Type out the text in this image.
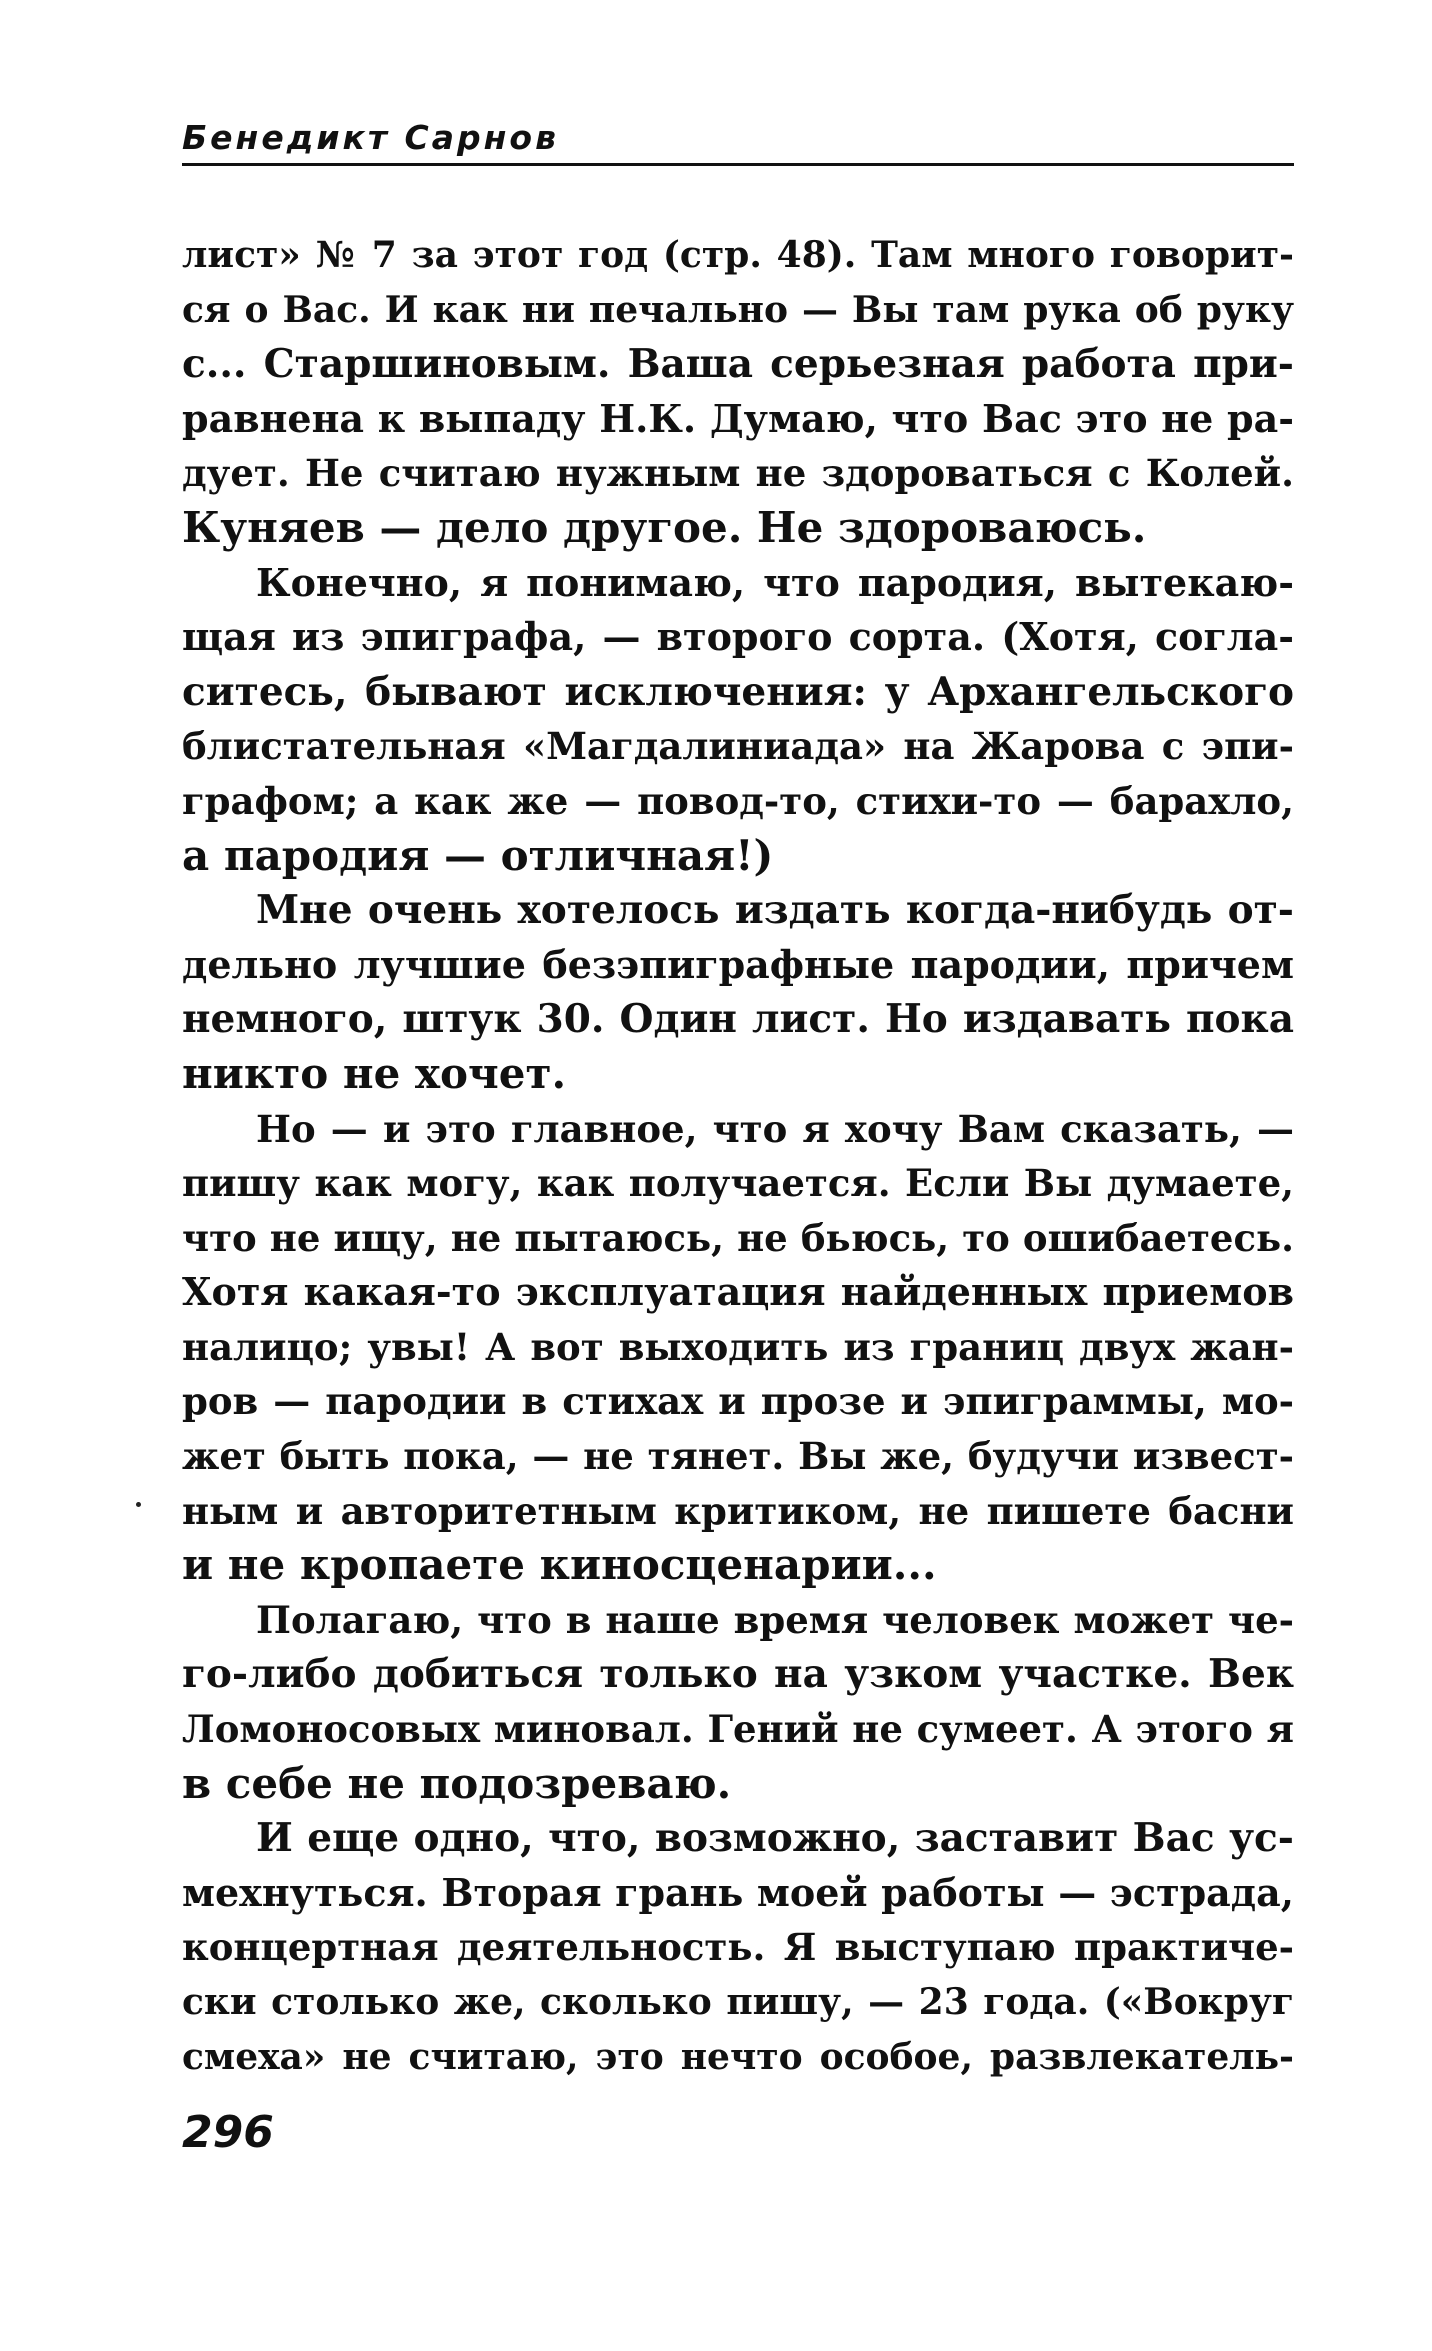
Бенедикт Сарнов
лист» № 7 за этот год (стр. 48). Там много говорит-
ся о Вас. И как ни печально — Вы там рука об руку
с... Старшиновым. Ваша серьезная работа при-
равнена к выпаду Н.К. Думаю, что Вас это не ра-
дует. Не считаю нужным не здороваться с Колей.
Куняев — дело другое. Не здороваюсь.
Конечно, я понимаю, что пародия, вытекаю-
щая из эпиграфа, — второго сорта. (Хотя, согла-
ситесь, бывают исключения: у Архангельского
блистательная «Магдалиниада» на Жарова с эпи-
графом; а как же — повод-то, стихи-то — барахло,
а пародия — отличная!)
Мне очень хотелось издать когда-нибудь от-
дельно лучшие безэпиграфные пародии, причем
немного, штук 30. Один лист. Но издавать пока
никто не хочет.
Но — и это главное, что я хочу Вам сказать, —
пишу как могу, как получается. Если Вы думаете,
что не ищу, не пытаюсь, не бьюсь, то ошибаетесь.
Хотя какая-то эксплуатация найденных приемов
налицо; увы! А вот выходить из границ двух жан-
ров — пародии в стихах и прозе и эпиграммы, мо-
жет быть пока, — не тянет. Вы же, будучи извест-
ным и авторитетным критиком, не пишете басни
и не кропаете киносценарии...
Полагаю, что в наше время человек может че-
го-либо добиться только на узком участке. Век
Ломоносовых миновал. Гений не сумеет. А этого я
в себе не подозреваю.
И еще одно, что, возможно, заставит Вас ус-
мехнуться. Вторая грань моей работы — эстрада,
концертная деятельность. Я выступаю практиче-
ски столько же, сколько пишу, — 23 года. («Вокруг
смеха» не считаю, это нечто особое, развлекатель-
296
